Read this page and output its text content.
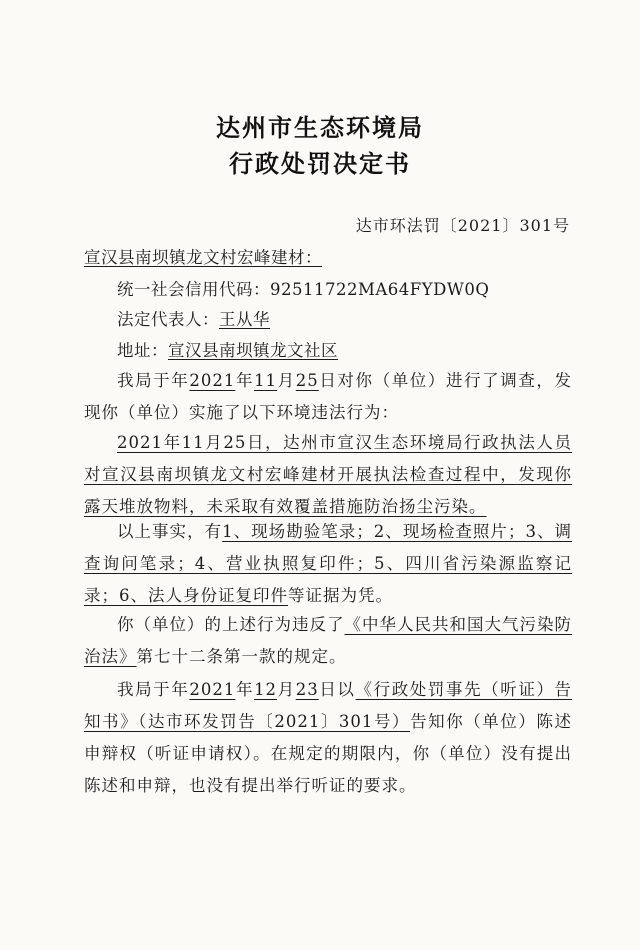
达州市生态环境局
行政处罚决定书
达市环法罚〔2021〕301号
宣汉县南坝镇龙文村宏峰建材：
统一社会信用代码：92511722MA64FYDW0Q
法定代表人：王从华
地址：宣汉县南坝镇龙文社区
我局于年2021年11月25日对你（单位）进行了调查，发现你（单位）实施了以下环境违法行为：
2021年11月25日，达州市宣汉生态环境局行政执法人员对宣汉县南坝镇龙文村宏峰建材开展执法检查过程中，发现你露天堆放物料，未采取有效覆盖措施防治扬尘污染。
以上事实，有1、现场勘验笔录；2、现场检查照片；3、调查询问笔录；4、营业执照复印件；5、四川省污染源监察记录；6、法人身份证复印件等证据为凭。
你（单位）的上述行为违反了《中华人民共和国大气污染防治法》第七十二条第一款的规定。
我局于年2021年12月23日以《行政处罚事先（听证）告知书》（达市环发罚告〔2021〕301号）告知你（单位）陈述申辩权（听证申请权）。在规定的期限内，你（单位）没有提出陈述和申辩，也没有提出举行听证的要求。
